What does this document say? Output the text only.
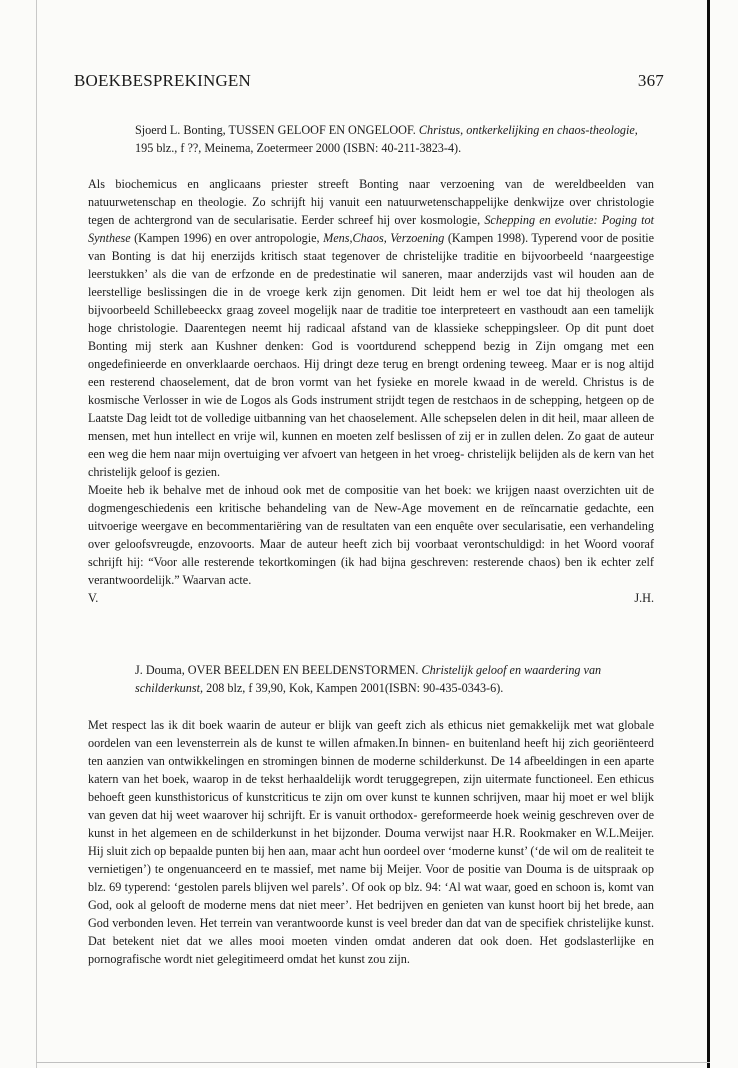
BOEKBESPREKINGEN	367
Sjoerd L. Bonting, TUSSEN GELOOF EN ONGELOOF. Christus, ontkerkelijking en chaos-theologie, 195 blz., f ??, Meinema, Zoetermeer 2000 (ISBN: 40-211-3823-4).

Als biochemicus en anglicaans priester streeft Bonting naar verzoening van de wereldbeelden van natuurwetenschap en theologie. Zo schrijft hij vanuit een natuurwetenschappelijke denkwijze over christologie tegen de achtergrond van de secularisatie. Eerder schreef hij over kosmologie, Schepping en evolutie: Poging tot Synthese (Kampen 1996) en over antropologie, Mens,Chaos, Verzoening (Kampen 1998). Typerend voor de positie van Bonting is dat hij enerzijds kritisch staat tegenover de christelijke traditie en bijvoorbeeld ‘naargeestige leerstukken’ als die van de erfzonde en de predestinatie wil saneren, maar anderzijds vast wil houden aan de leerstellige beslissingen die in de vroege kerk zijn genomen. Dit leidt hem er wel toe dat hij theologen als bijvoorbeeld Schillebeeckx graag zoveel mogelijk naar de traditie toe interpreteert en vasthoudt aan een tamelijk hoge christologie. Daarentegen neemt hij radicaal afstand van de klassieke scheppingsleer. Op dit punt doet Bonting mij sterk aan Kushner denken: God is voortdurend scheppend bezig in Zijn omgang met een ongedefinieerde en onverklaarde oerchaos. Hij dringt deze terug en brengt ordening teweeg. Maar er is nog altijd een resterend chaoselement, dat de bron vormt van het fysieke en morele kwaad in de wereld. Christus is de kosmische Verlosser in wie de Logos als Gods instrument strijdt tegen de restchaos in de schepping, hetgeen op de Laatste Dag leidt tot de volledige uitbanning van het chaoselement. Alle schepselen delen in dit heil, maar alleen de mensen, met hun intellect en vrije wil, kunnen en moeten zelf beslissen of zij er in zullen delen. Zo gaat de auteur een weg die hem naar mijn overtuiging ver afvoert van hetgeen in het vroeg- christelijk belijden als de kern van het christelijk geloof is gezien.

Moeite heb ik behalve met de inhoud ook met de compositie van het boek: we krijgen naast overzichten uit de dogmengeschiedenis een kritische behandeling van de New-Age movement en de reïncarnatie gedachte, een uitvoerige weergave en becommentariëring van de resultaten van een enquête over secularisatie, een verhandeling over geloofsvreugde, enzovoorts. Maar de auteur heeft zich bij voorbaat verontschuldigd: in het Woord vooraf schrijft hij: “Voor alle resterende tekortkomingen (ik had bijna geschreven: resterende chaos) ben ik echter zelf verantwoordelijk.” Waarvan acte.

V.	J.H.
J. Douma, OVER BEELDEN EN BEELDENSTORMEN. Christelijk geloof en waardering van schilderkunst, 208 blz, f 39,90, Kok, Kampen 2001(ISBN: 90-435-0343-6).

Met respect las ik dit boek waarin de auteur er blijk van geeft zich als ethicus niet gemakkelijk met wat globale oordelen van een levensterrein als de kunst te willen afmaken.In binnen- en buitenland heeft hij zich georiënteerd ten aanzien van ontwikkelingen en stromingen binnen de moderne schilderkunst. De 14 afbeeldingen in een aparte katern van het boek, waarop in de tekst herhaaldelijk wordt teruggegrepen, zijn uitermate functioneel. Een ethicus behoeft geen kunsthistoricus of kunstcriticus te zijn om over kunst te kunnen schrijven, maar hij moet er wel blijk van geven dat hij weet waarover hij schrijft. Er is vanuit orthodox- gereformeerde hoek weinig geschreven over de kunst in het algemeen en de schilderkunst in het bijzonder. Douma verwijst naar H.R. Rookmaker en W.L.Meijer. Hij sluit zich op bepaalde punten bij hen aan, maar acht hun oordeel over ‘moderne kunst’ (‘de wil om de realiteit te vernietigen’) te ongenuanceerd en te massief, met name bij Meijer. Voor de positie van Douma is de uitspraak op blz. 69 typerend: ‘gestolen parels blijven wel parels’. Of ook op blz. 94: ‘Al wat waar, goed en schoon is, komt van God, ook al gelooft de moderne mens dat niet meer’. Het bedrijven en genieten van kunst hoort bij het brede, aan God verbonden leven. Het terrein van verantwoorde kunst is veel breder dan dat van de specifiek christelijke kunst. Dat betekent niet dat we alles mooi moeten vinden omdat anderen dat ook doen. Het godslasterlijke en pornografische wordt niet gelegitimeerd omdat het kunst zou zijn.
